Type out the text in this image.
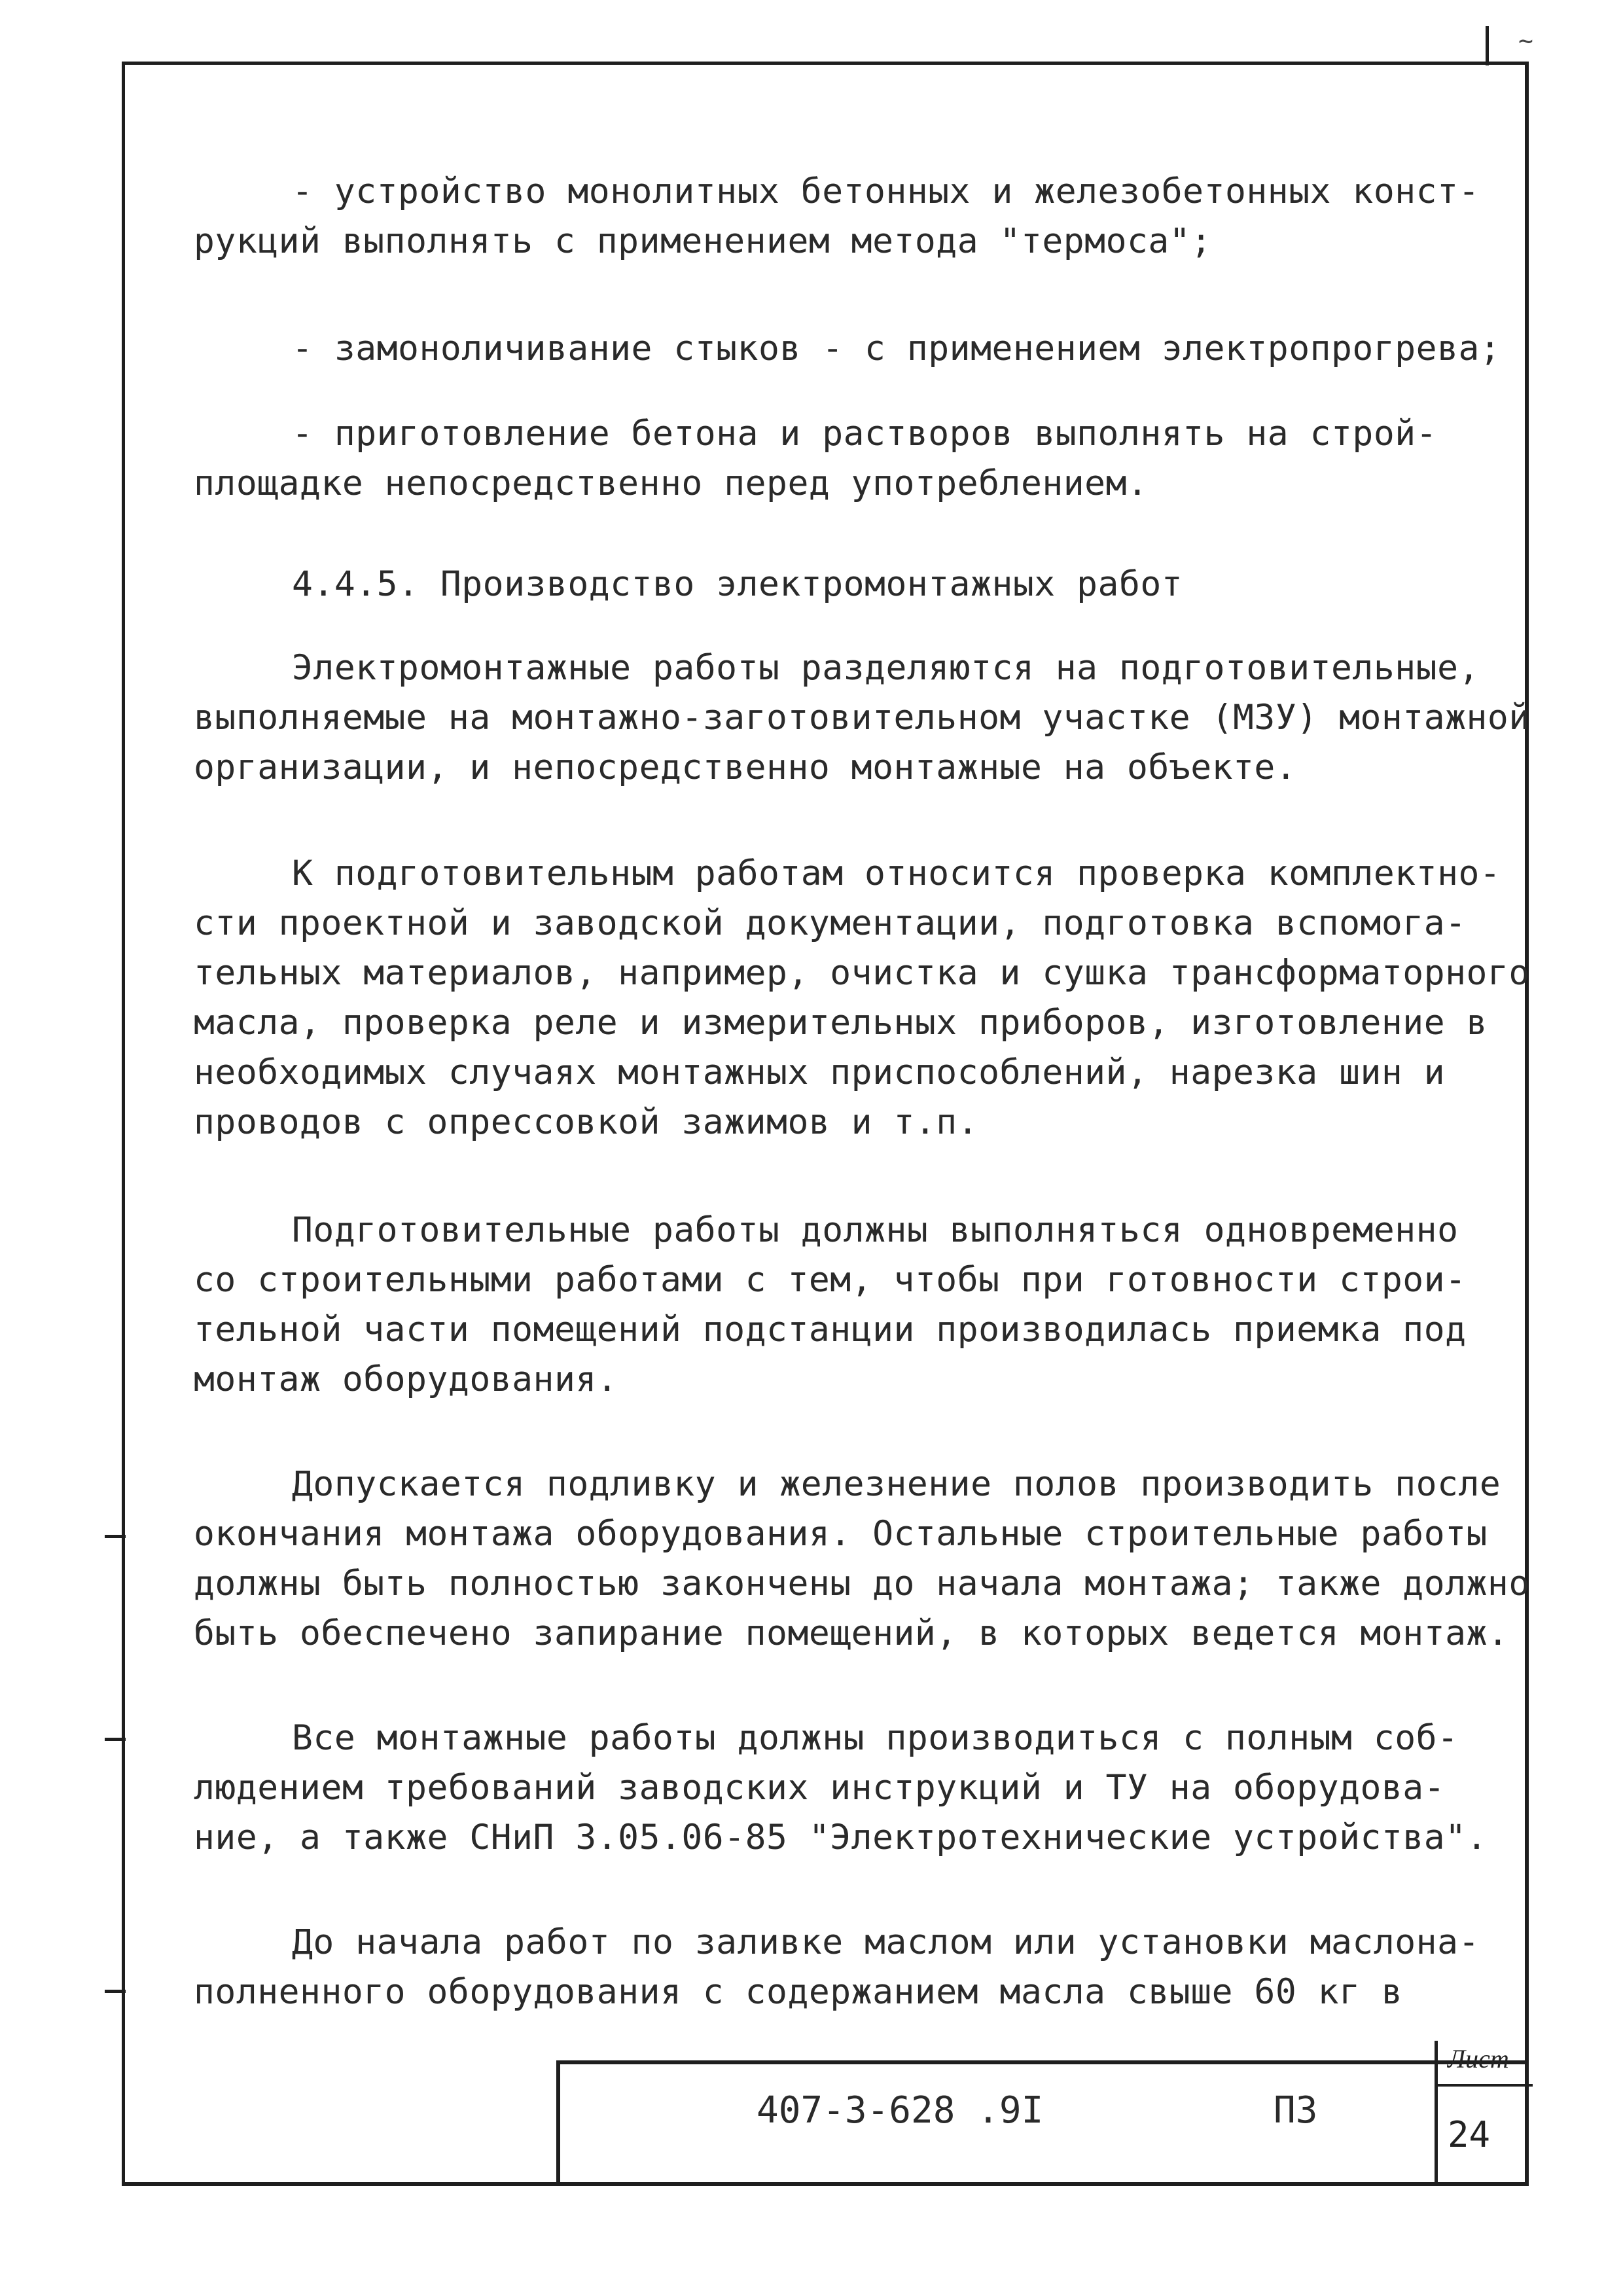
~

- устройство монолитных бетонных и железобетонных конст-

рукций выполнять с применением метода "термоса";

- замоноличивание стыков - с применением электропрогрева;

- приготовление бетона и растворов выполнять на строй-

площадке непосредственно перед употреблением.

4.4.5. Производство электромонтажных работ

Электромонтажные работы разделяются на подготовительные,

выполняемые на монтажно-заготовительном участке (МЗУ) монтажной

организации, и непосредственно монтажные на объекте.

К подготовительным работам относится проверка комплектно-

сти проектной и заводской документации, подготовка вспомога-

тельных материалов, например, очистка и сушка трансформаторного

масла, проверка реле и измерительных приборов, изготовление в

необходимых случаях монтажных приспособлений, нарезка шин и

проводов с опрессовкой зажимов и т.п.

Подготовительные работы должны выполняться одновременно

со строительными работами с тем, чтобы при готовности строи-

тельной части помещений подстанции производилась приемка под

монтаж оборудования.

Допускается подливку и железнение полов производить после

окончания монтажа оборудования. Остальные строительные работы

должны быть полностью закончены до начала монтажа; также должно

быть обеспечено запирание помещений, в которых ведется монтаж.

Все монтажные работы должны производиться с полным соб-

людением требований заводских инструкций и ТУ на оборудова-

ние, а также СНиП 3.05.06-85 "Электротехнические устройства".

До начала работ по заливке маслом или установки маслона-

полненного оборудования с содержанием масла свыше 60 кг в

407-3-628 .9I	ПЗ
Лист
24
